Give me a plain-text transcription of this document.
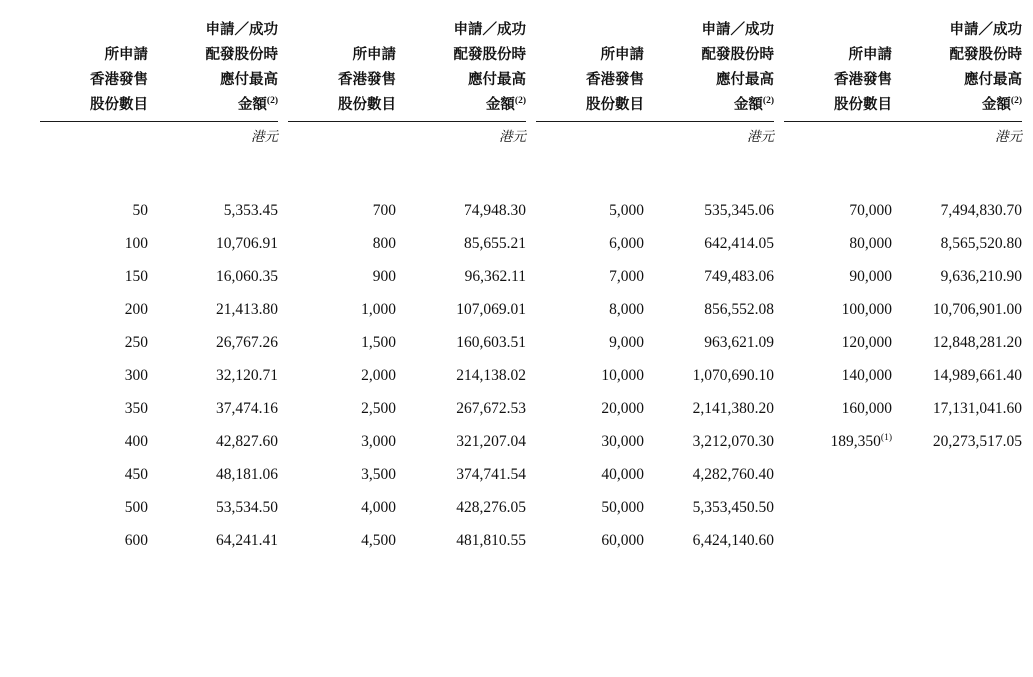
所申請
香港發售
股份數目	申請／成功
配發股份時
應付最高
金額$^{(2)}$		所申請
香港發售
股份數目	申請／成功
配發股份時
應付最高
金額$^{(2)}$		所申請
香港發售
股份數目	申請／成功
配發股份時
應付最高
金額$^{(2)}$		所申請
香港發售
股份數目	申請／成功
配發股份時
應付最高
金額$^{(2)}$

	港元			港元			港元			港元

50	5,353.45		700	74,948.30		5,000	535,345.06		70,000	7,494,830.70
100	10,706.91		800	85,655.21		6,000	642,414.05		80,000	8,565,520.80
150	16,060.35		900	96,362.11		7,000	749,483.06		90,000	9,636,210.90
200	21,413.80		1,000	107,069.01		8,000	856,552.08		100,000	10,706,901.00
250	26,767.26		1,500	160,603.51		9,000	963,621.09		120,000	12,848,281.20
300	32,120.71		2,000	214,138.02		10,000	1,070,690.10		140,000	14,989,661.40
350	37,474.16		2,500	267,672.53		20,000	2,141,380.20		160,000	17,131,041.60
400	42,827.60		3,000	321,207.04		30,000	3,212,070.30		189,350$^{(1)}$	20,273,517.05
450	48,181.06		3,500	374,741.54		40,000	4,282,760.40			
500	53,534.50		4,000	428,276.05		50,000	5,353,450.50			
600	64,241.41		4,500	481,810.55		60,000	6,424,140.60			
